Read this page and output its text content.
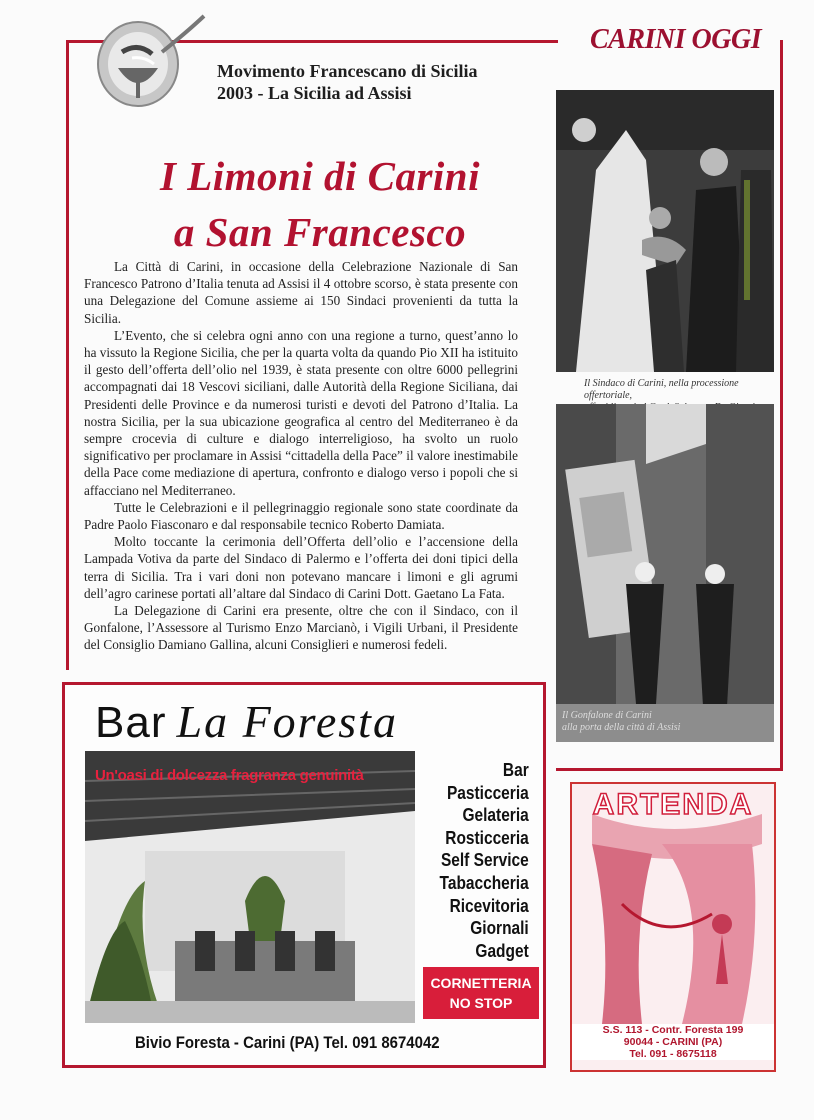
CARINI OGGI
Movimento Francescano di Sicilia
2003 - La Sicilia ad Assisi
I Limoni di Carini
a San Francesco

La Città di Carini, in occasione della Celebrazione Nazionale di San Francesco Patrono d’Italia tenuta ad Assisi il 4 ottobre scorso, è stata presente con una Delegazione del Comune assieme ai 150 Sindaci provenienti da tutta la Sicilia.

L’Evento, che si celebra ogni anno con una regione a turno, quest’anno lo ha vissuto la Regione Sicilia, che per la quarta volta da quando Pio XII ha istituito il gesto dell’offerta dell’olio nel 1939, è stata presente con oltre 6000 pellegrini accompagnati dai 18 Vescovi siciliani, dalle Autorità della Regione Siciliana, dai Presidenti delle Province e da numerosi turisti e devoti del Patrono d’Italia. La nostra Sicilia, per la sua ubicazione geografica al centro del Mediterraneo è da sempre crocevia di culture e dialogo interreligioso, ha svolto un ruolo significativo per proclamare in Assisi “cittadella della Pace” il valore inestimabile della Pace come mediazione di apertura, confronto e dialogo verso i popoli che si affacciano nel Mediterraneo.

Tutte le Celebrazioni e il pellegrinaggio regionale sono state coordinate da Padre Paolo Fiasconaro e dal responsabile tecnico Roberto Damiata.

Molto toccante la cerimonia dell’Offerta dell’olio e l’accensione della Lampada Votiva da parte del Sindaco di Palermo e l’offerta dei doni tipici della terra di Sicilia. Tra i vari doni non potevano mancare i limoni e gli agrumi dell’agro carinese portati all’altare dal Sindaco di Carini Dott. Gaetano La Fata.

La Delegazione di Carini era presente, oltre che con il Sindaco, con il Gonfalone, l’Assessore al Turismo Enzo Marcianò, i Vigili Urbani, il Presidente del Consiglio Damiano Gallina, alcuni Consiglieri e numerosi fedeli.

Il Sindaco di Carini, nella processione offertoriale,
Il Gonfalone di Carini
alla porta della città di Assisi
Bar La Foresta
Un'oasi di dolcezza fragranza genuinità	Bar
Pasticceria
Gelateria
Rosticceria
Self Service
Tabaccheria
Ricevitoria
Giornali
Gadget
CORNETTERIA
NO STOP
Bivio Foresta - Carini (PA) Tel. 091 8674042
ARTENDA
S.S. 113 - Contr. Foresta 199
90044 - CARINI (PA)
Tel. 091 - 8675118
